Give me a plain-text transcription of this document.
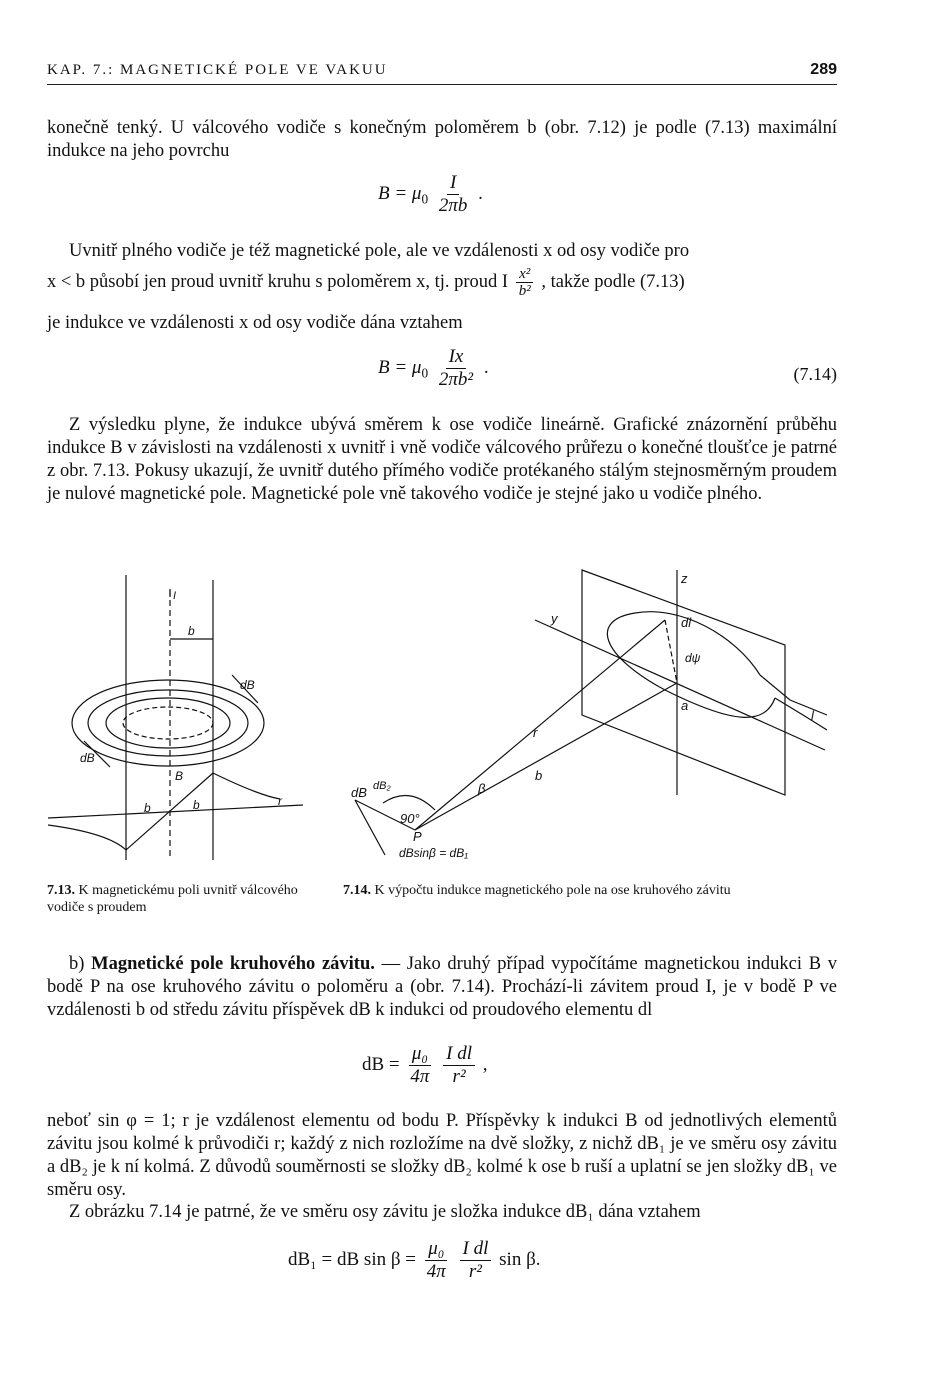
KAP. 7.: MAGNETICKÉ POLE VE VAKUU	289
konečně tenký. U válcového vodiče s konečným poloměrem b (obr. 7.12) je podle (7.13) maximální indukce na jeho povrchu
$B = \mu_0 \frac{I}{2\pi b}$ .
Uvnitř plného vodiče je též magnetické pole, ale ve vzdálenosti x od osy vodiče pro
x < b působí jen proud uvnitř kruhu s poloměrem x, tj. proud I $\frac{\text{x²}}{\text{b²}}$ , takže podle (7.13)
je indukce ve vzdálenosti x od osy vodiče dána vztahem
$B = \mu_0 \frac{Ix}{\text{2πb²}}$ .	(7.14)
Z výsledku plyne, že indukce ubývá směrem k ose vodiče lineárně. Grafické znázornění průběhu indukce B v závislosti na vzdálenosti x uvnitř i vně vodiče válcového průřezu o konečné tloušťce je patrné z obr. 7.13. Pokusy ukazují, že uvnitř dutého přímého vodiče protékaného stálým stejnosměrným proudem je nulové magnetické pole. Magnetické pole vně takového vodiče je stejné jako u vodiče plného.
I
b
dB
dB
B
b	b	r
7.13. K magnetickému poli uvnitř válcového vodiče s proudem
z
dl
y
dψ
a
l
r
b
β
dB dB₂
90°
P
dBsinβ = dB₁
7.14. K výpočtu indukce magnetického pole na ose kruhového závitu
b) Magnetické pole kruhového závitu. — Jako druhý případ vypočítáme magnetickou indukci B v bodě P na ose kruhového závitu o poloměru a (obr. 7.14). Prochází-li závitem proud I, je v bodě P ve vzdálenosti b od středu závitu příspěvek dB k indukci od proudového elementu dl
dB = $\frac{\text{μ₀}}{4\pi}$
$\frac{\text{I dl}}{\text{r²}}$ ,
neboť sin φ = 1; r je vzdálenost elementu od bodu P. Příspěvky k indukci B od jednotlivých elementů závitu jsou kolmé k průvodiči r; každý z nich rozložíme na dvě složky, z nichž dB₁ je ve směru osy závitu a dB₂ je k ní kolmá. Z důvodů souměrnosti se složky dB₂ kolmé k ose b ruší a uplatní se jen složky dB₁ ve směru osy.
Z obrázku 7.14 je patrné, že ve směru osy závitu je složka indukce dB₁ dána vztahem
dB₁ = dB $\sin \beta = \frac{\text{μ₀}}{4\pi}$
$\frac{\text{I dl}}{\text{r²}}$ sin β.
